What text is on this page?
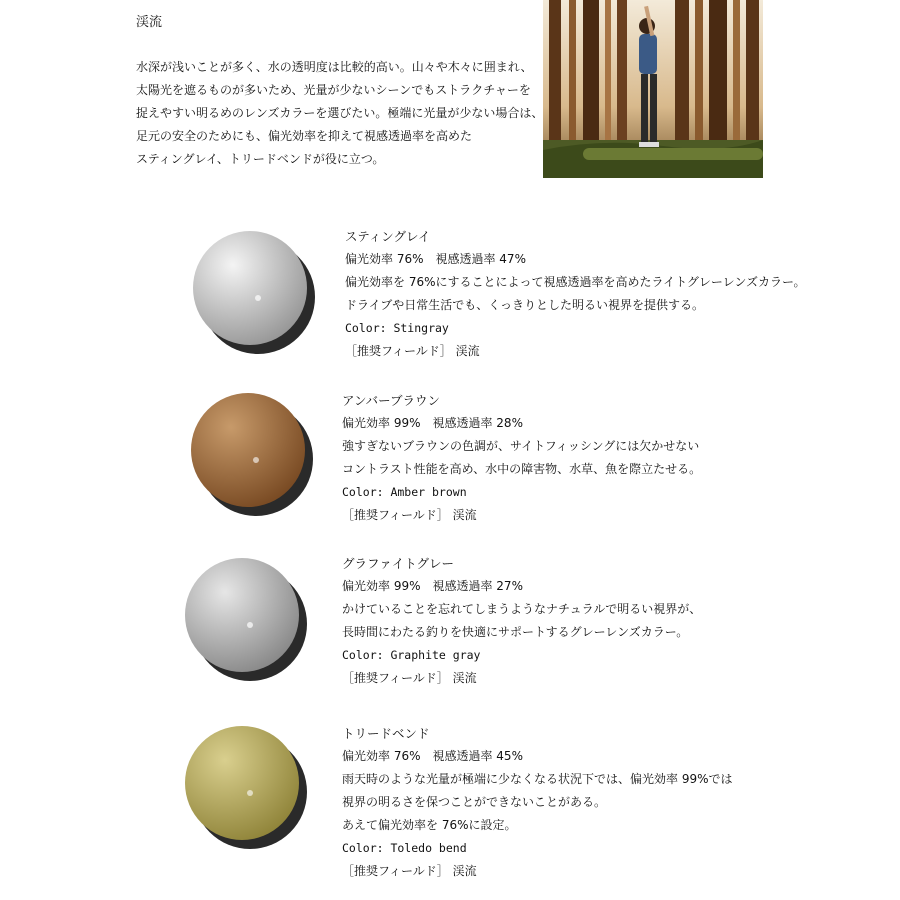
渓流
水深が浅いことが多く、水の透明度は比較的高い。山々や木々に囲まれ、
太陽光を遮るものが多いため、光量が少ないシーンでもストラクチャーを
捉えやすい明るめのレンズカラーを選びたい。極端に光量が少ない場合は、
足元の安全のためにも、偏光効率を抑えて視感透過率を高めた
スティングレイ、トリードベンドが役に立つ。
スティングレイ
偏光効率 76%　視感透過率 47%
偏光効率を 76%にすることによって視感透過率を高めたライトグレーレンズカラー。
ドライブや日常生活でも、くっきりとした明るい視界を提供する。
Color: Stingray
［推奨フィールド］ 渓流
アンバーブラウン
偏光効率 99%　視感透過率 28%
強すぎないブラウンの色調が、サイトフィッシングには欠かせない
コントラスト性能を高め、水中の障害物、水草、魚を際立たせる。
Color: Amber brown
［推奨フィールド］ 渓流
グラファイトグレー
偏光効率 99%　視感透過率 27%
かけていることを忘れてしまうようなナチュラルで明るい視界が、
長時間にわたる釣りを快適にサポートするグレーレンズカラー。
Color: Graphite gray
［推奨フィールド］ 渓流
トリードベンド
偏光効率 76%　視感透過率 45%
雨天時のような光量が極端に少なくなる状況下では、偏光効率 99%では
視界の明るさを保つことができないことがある。
あえて偏光効率を 76%に設定。
Color: Toledo bend
［推奨フィールド］ 渓流
